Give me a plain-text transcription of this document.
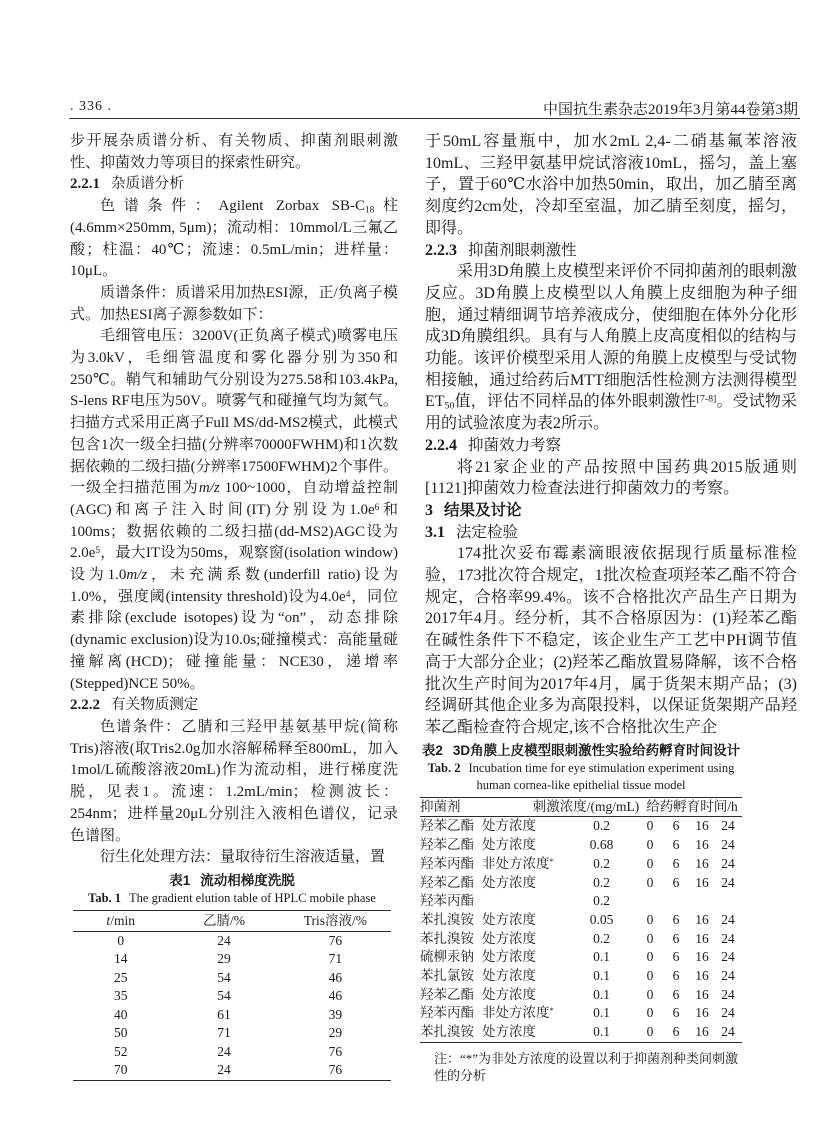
. 336 .	中国抗生素杂志2019年3月第44卷第3期

步开展杂质谱分析、有关物质、抑菌剂眼刺激性、抑菌效力等项目的探索性研究。

2.2.1 杂质谱分析

色谱条件：Agilent Zorbax $SB-C_{18}$柱(4.6mm×250mm, 5μm)；流动相：10mmol/L三氟乙酸；柱温：40℃；流速：0.5mL/min；进样量：10μL。

质谱条件：质谱采用加热ESI源，正/负离子模式。加热ESI离子源参数如下：

毛细管电压：3200V(正负离子模式)喷雾电压为3.0kV，毛细管温度和雾化器分别为350和250℃。鞘气和辅助气分别设为275.58和103.4kPa, S-lens RF电压为50V。喷雾气和碰撞气均为氮气。扫描方式采用正离子Full MS/dd-MS2模式，此模式包含1次一级全扫描(分辨率70000FWHM)和1次数据依赖的二级扫描(分辨率17500FWHM)2个事件。一级全扫描范围为m/z 100~1000，自动增益控制(AGC)和离子注入时间(IT)分别设为$1.0e^6$和100ms；数据依赖的二级扫描(dd-MS2)AGC设为$2.0e^5$，最大IT设为50ms，观察窗(isolation window)设为1.0m/z，未充满系数(underfill ratio)设为1.0%，强度阈(intensity threshold)设为$4.0e^4$，同位素排除(exclude isotopes)设为“on”，动态排除(dynamic exclusion)设为10.0s;碰撞模式：高能量碰撞解离(HCD)；碰撞能量：NCE30，递增率(Stepped)NCE 50%。

2.2.2 有关物质测定

色谱条件：乙腈和三羟甲基氨基甲烷(简称Tris)溶液(取Tris2.0g加水溶解稀释至800mL，加入1mol/L硫酸溶液20mL)作为流动相，进行梯度洗脱，见表1。流速：1.2mL/min；检测波长：254nm；进样量20μL分别注入液相色谱仪，记录色谱图。

衍生化处理方法：量取待衍生溶液适量，置

表1 流动相梯度洗脱
Tab. 1 The gradient elution table of HPLC mobile phase
t/min	乙腈/%	Tris溶液/%
0	24	76
14	29	71
25	54	46
35	54	46
40	61	39
50	71	29
52	24	76
70	24	76

于50mL容量瓶中，加水2mL 2,4-二硝基氟苯溶液10mL、三羟甲氨基甲烷试溶液10mL，摇匀，盖上塞子，置于60℃水浴中加热50min，取出，加乙腈至离刻度约2cm处，冷却至室温，加乙腈至刻度，摇匀，即得。

2.2.3 抑菌剂眼刺激性

采用3D角膜上皮模型来评价不同抑菌剂的眼刺激反应。3D角膜上皮模型以人角膜上皮细胞为种子细胞，通过精细调节培养液成分，使细胞在体外分化形成3D角膜组织。具有与人角膜上皮高度相似的结构与功能。该评价模型采用人源的角膜上皮模型与受试物相接触，通过给药后MTT细胞活性检测方法测得模型$ET_{50}$值，评估不同样品的体外眼刺激性[7-8]。受试物采用的试验浓度为表2所示。

2.2.4 抑菌效力考察

将21家企业的产品按照中国药典2015版通则[1121]抑菌效力检查法进行抑菌效力的考察。

3 结果及讨论
3.1 法定检验

174批次妥布霉素滴眼液依据现行质量标准检验，173批次符合规定，1批次检查项羟苯乙酯不符合规定，合格率99.4%。该不合格批次产品生产日期为2017年4月。经分析，其不合格原因为：(1)羟苯乙酯在碱性条件下不稳定，该企业生产工艺中PH调节值高于大部分企业；(2)羟苯乙酯放置易降解，该不合格批次生产时间为2017年4月，属于货架末期产品；(3)经调研其他企业多为高限投料，以保证货架期产品羟苯乙酯检查符合规定,该不合格批次生产企

表2 3D角膜上皮模型眼刺激性实验给药孵育时间设计
Tab. 2 Incubation time for eye stimulation experiment using
human cornea-like epithelial tissue model
抑菌剂	刺激浓度/(mg/mL) 给药孵育时间/h
羟苯乙酯 处方浓度	0.2	0	6	16 24
羟苯乙酯 处方浓度	0.68	0	6	16 24
羟苯丙酯 非处方浓度*	0.2	0	6	16 24
羟苯乙酯 处方浓度	0.2	0	6	16 24
羟苯丙酯	0.2
苯扎溴铵 处方浓度	0.05	0	6	16 24
苯扎溴铵 处方浓度	0.2	0	6	16 24
硫柳汞钠 处方浓度	0.1	0	6	16 24
苯扎氯铵 处方浓度	0.1	0	6	16 24
羟苯乙酯 处方浓度	0.1	0	6	16 24
羟苯丙酯 非处方浓度*	0.1	0	6	16 24
苯扎溴铵 处方浓度	0.1	0	6	16 24
注：“*”为非处方浓度的设置以利于抑菌剂种类间刺激性的分析
